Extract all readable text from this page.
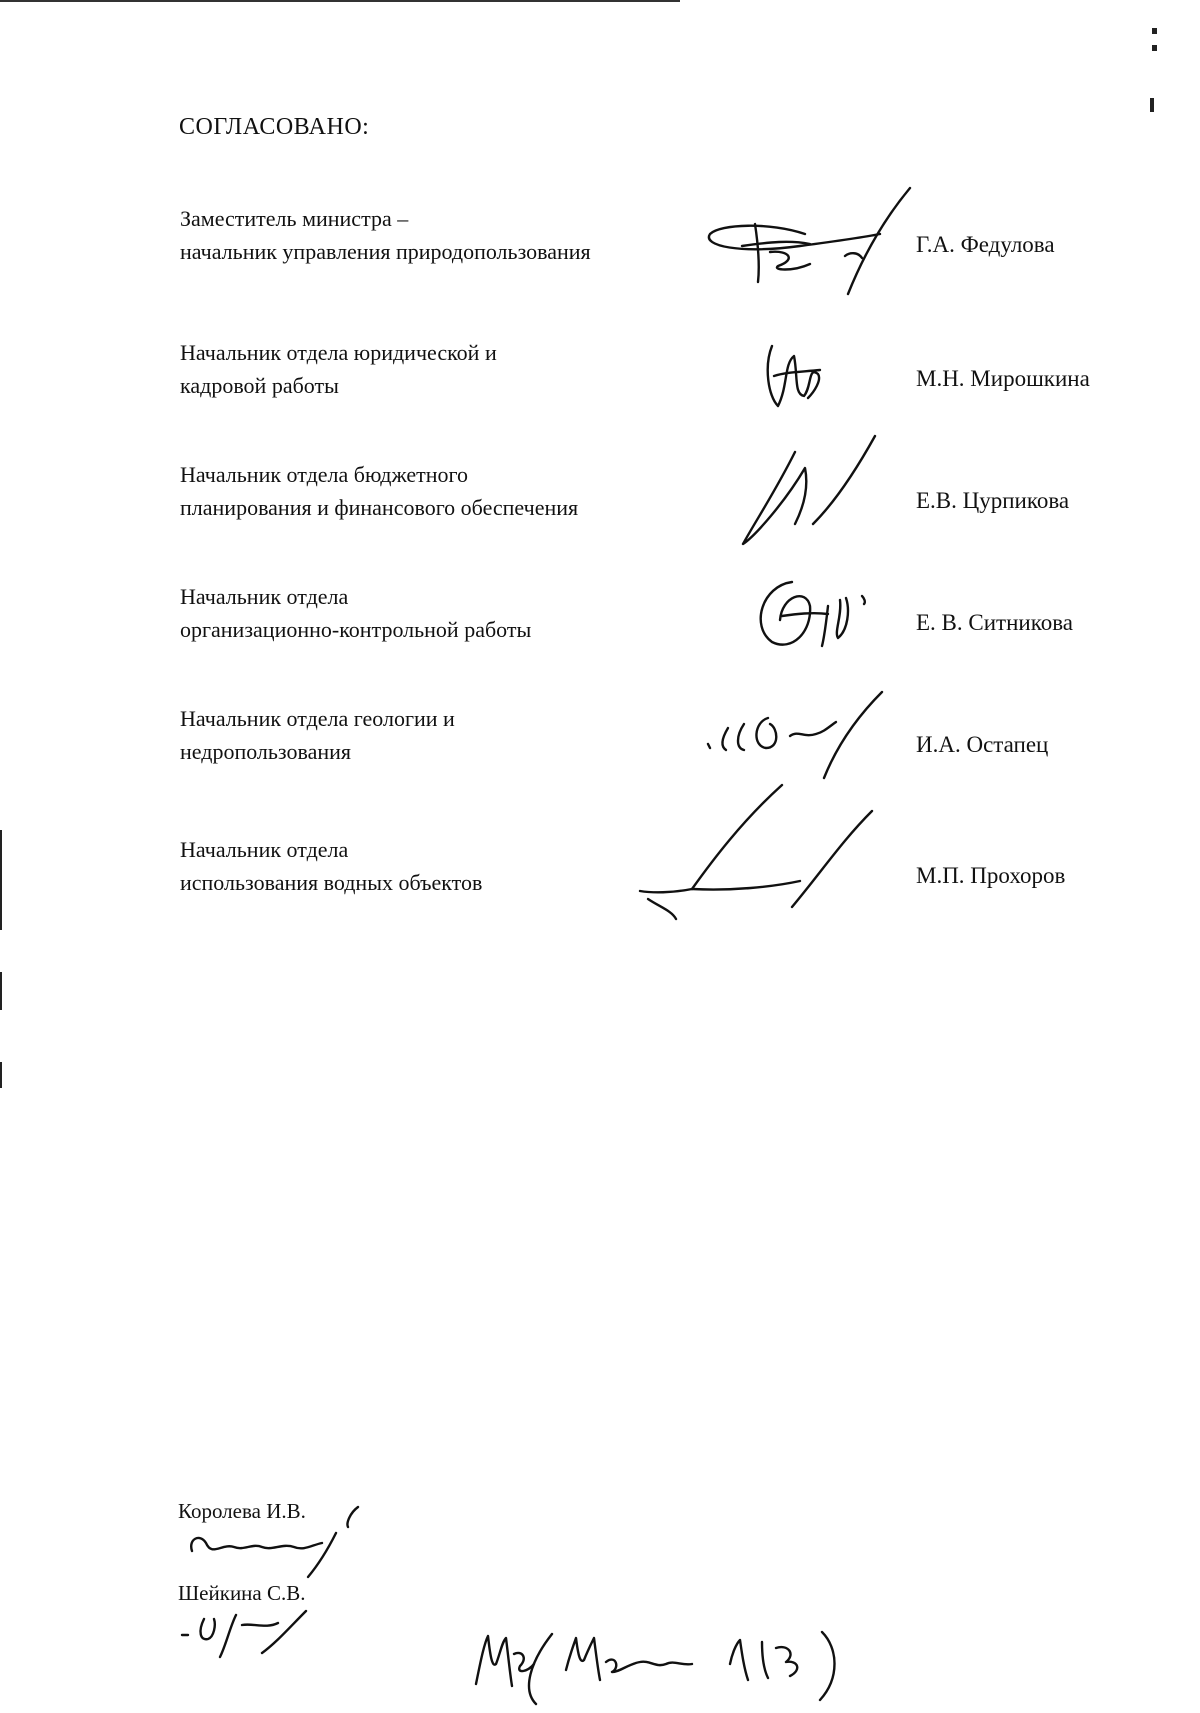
СОГЛАСОВАНО:
Заместитель министра –
начальник управления природопользования	Г.А. Федулова
Начальник отдела юридической и
кадровой работы	М.Н. Мирошкина
Начальник отдела бюджетного
планирования и финансового обеспечения	Е.В. Цурпикова
Начальник отдела
организационно-контрольной работы	Е. В. Ситникова
Начальник отдела геологии и
недропользования	И.А. Остапец
Начальник отдела
использования водных объектов	М.П. Прохоров
Королева И.В.
Шейкина С.В.
